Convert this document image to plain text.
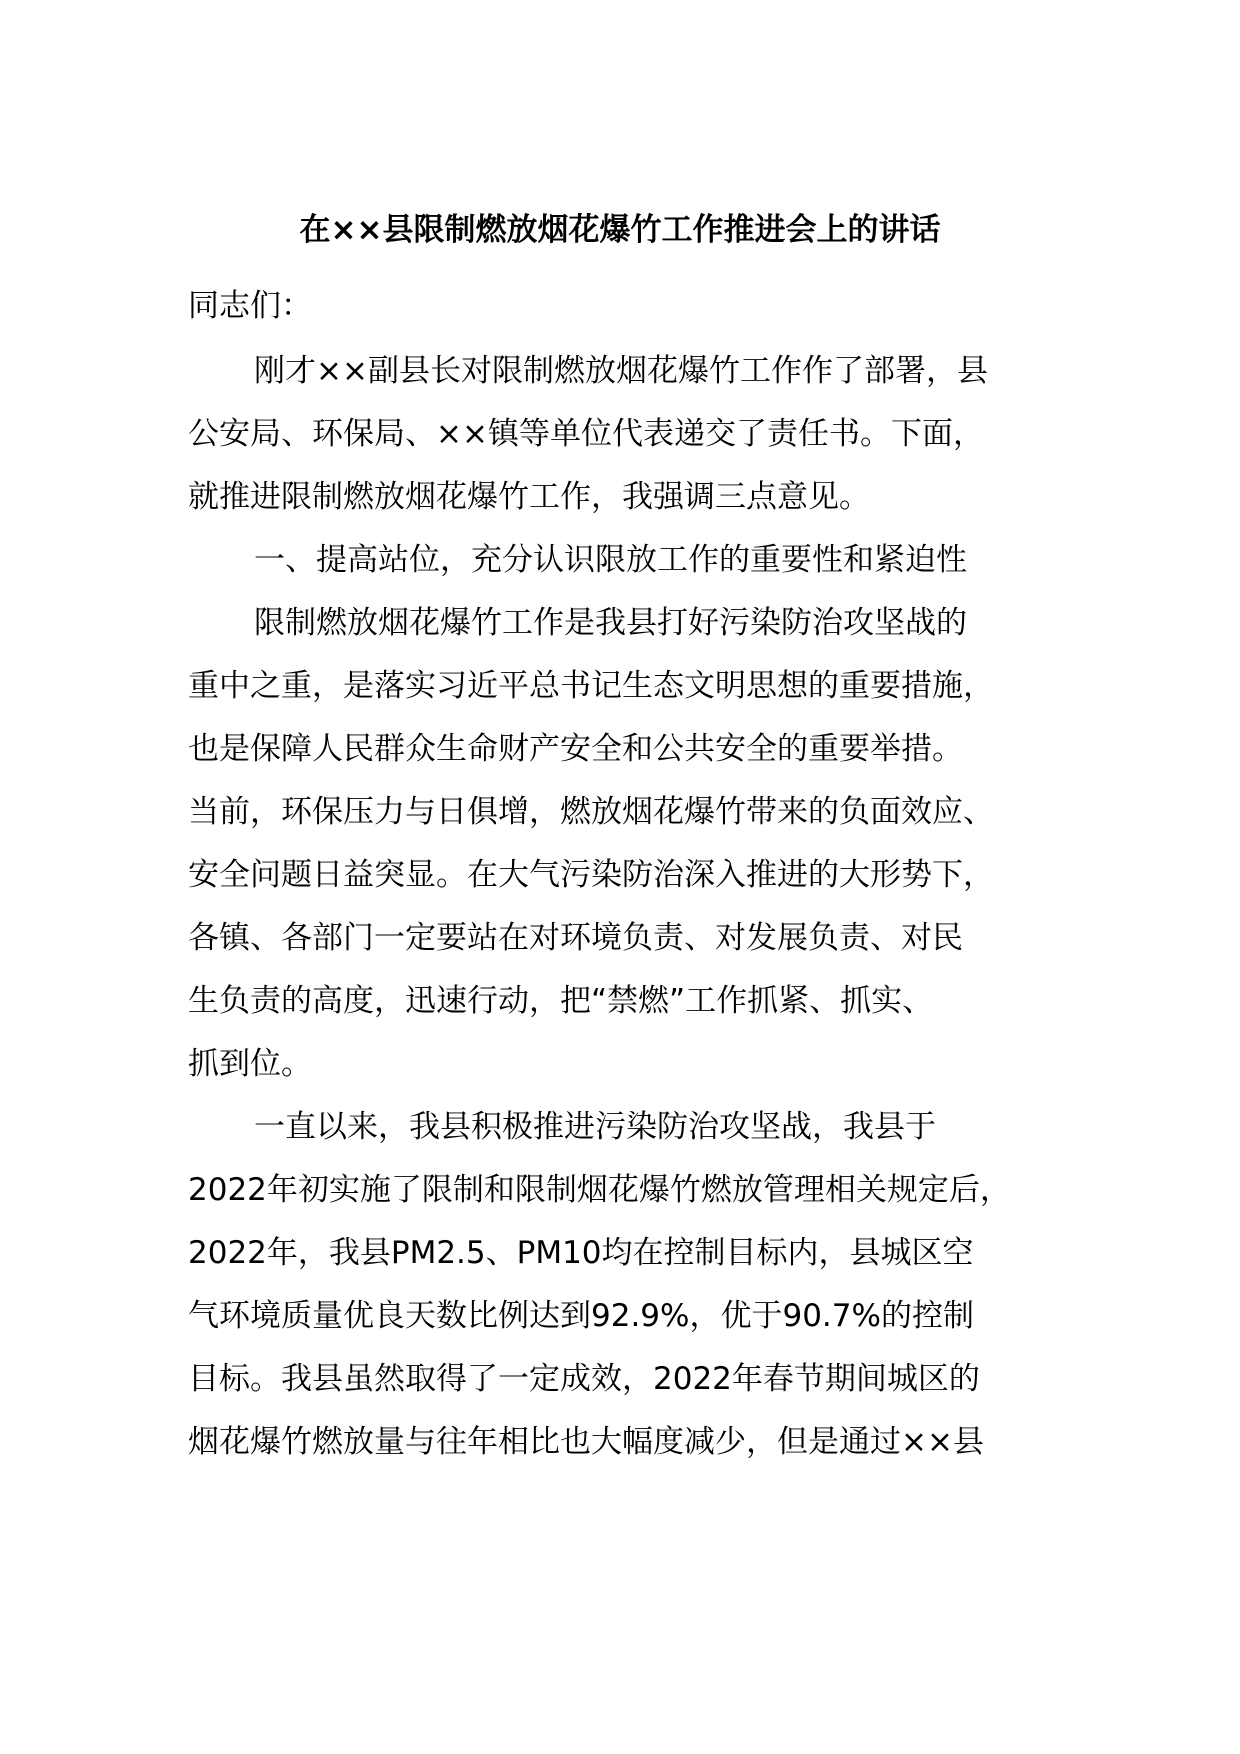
在××县限制燃放烟花爆竹工作推进会上的讲话
同志们：
刚才××副县长对限制燃放烟花爆竹工作作了部署，县
公安局、环保局、××镇等单位代表递交了责任书。下面，
就推进限制燃放烟花爆竹工作，我强调三点意见。
一、提高站位，充分认识限放工作的重要性和紧迫性
限制燃放烟花爆竹工作是我县打好污染防治攻坚战的
重中之重，是落实习近平总书记生态文明思想的重要措施，
也是保障人民群众生命财产安全和公共安全的重要举措。
当前，环保压力与日俱增，燃放烟花爆竹带来的负面效应、
安全问题日益突显。在大气污染防治深入推进的大形势下，
各镇、各部门一定要站在对环境负责、对发展负责、对民
生负责的高度，迅速行动，把“禁燃”工作抓紧、抓实、
抓到位。
一直以来，我县积极推进污染防治攻坚战，我县于
2022年初实施了限制和限制烟花爆竹燃放管理相关规定后，
2022年，我县PM2.5、PM10均在控制目标内，县城区空
气环境质量优良天数比例达到92.9%，优于90.7%的控制
目标。我县虽然取得了一定成效，2022年春节期间城区的
烟花爆竹燃放量与往年相比也大幅度减少，但是通过××县
